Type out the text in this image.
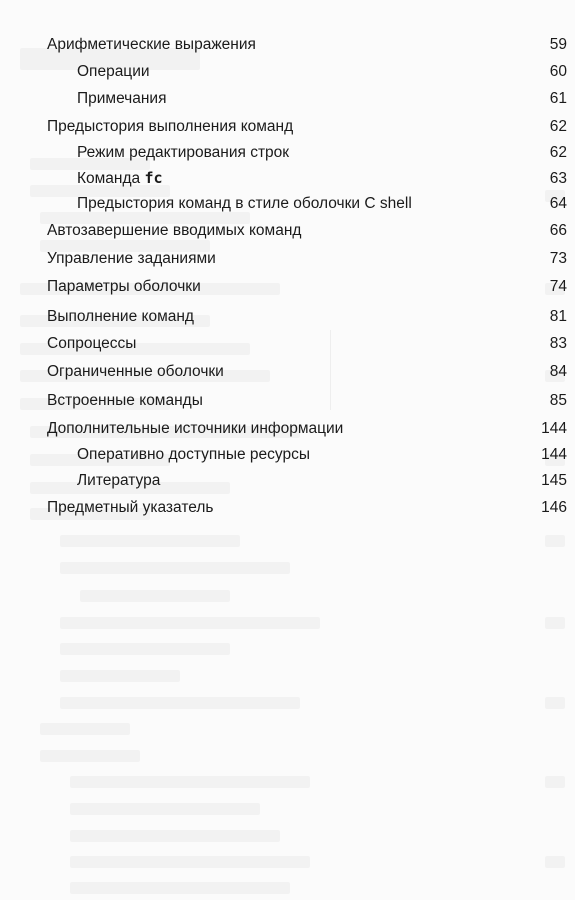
Арифметические выражения	59
Операции	60
Примечания	61
Предыстория выполнения команд	62
Режим редактирования строк	62
Команда fc	63
Предыстория команд в стиле оболочки C shell	64
Автозавершение вводимых команд	66
Управление заданиями	73
Параметры оболочки	74
Выполнение команд	81
Сопроцессы	83
Ограниченные оболочки	84
Встроенные команды	85
Дополнительные источники информации	144
Оперативно доступные ресурсы	144
Литература	145
Предметный указатель	146
